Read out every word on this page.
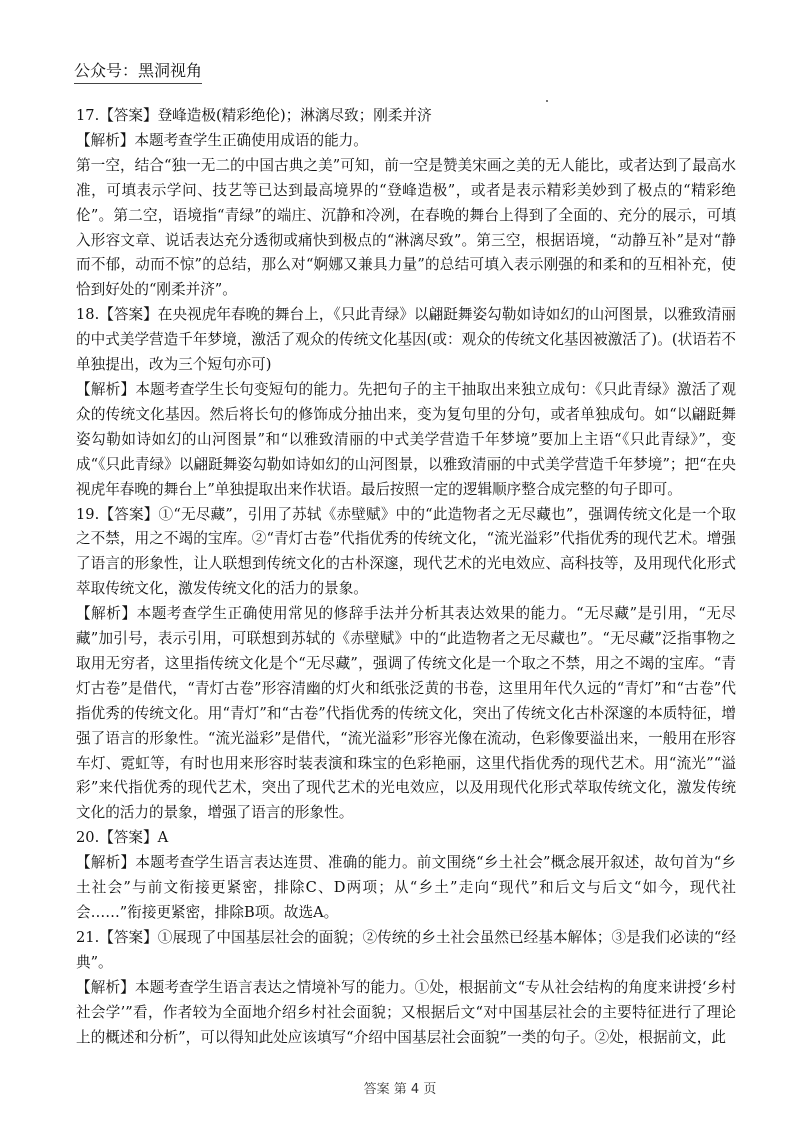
公众号：黑洞视角

17.【答案】登峰造极(精彩绝伦)；淋漓尽致；刚柔并济

【解析】本题考查学生正确使用成语的能力。

第一空，结合“独一无二的中国古典之美”可知，前一空是赞美宋画之美的无人能比，或者达到了最高水准，可填表示学问、技艺等已达到最高境界的“登峰造极”，或者是表示精彩美妙到了极点的“精彩绝伦”。第二空，语境指“青绿”的端庄、沉静和冷冽，在春晚的舞台上得到了全面的、充分的展示，可填入形容文章、说话表达充分透彻或痛快到极点的“淋漓尽致”。第三空，根据语境，“动静互补”是对“静而不郁，动而不惊”的总结，那么对“婀娜又兼具力量”的总结可填入表示刚强的和柔和的互相补充，使恰到好处的“刚柔并济”。

18.【答案】在央视虎年春晚的舞台上，《只此青绿》以翩跹舞姿勾勒如诗如幻的山河图景，以雅致清丽的中式美学营造千年梦境，激活了观众的传统文化基因(或：观众的传统文化基因被激活了)。(状语若不单独提出，改为三个短句亦可)

【解析】本题考查学生长句变短句的能力。先把句子的主干抽取出来独立成句：《只此青绿》激活了观众的传统文化基因。然后将长句的修饰成分抽出来，变为复句里的分句，或者单独成句。如“以翩跹舞姿勾勒如诗如幻的山河图景”和“以雅致清丽的中式美学营造千年梦境”要加上主语“《只此青绿》”，变成“《只此青绿》以翩跹舞姿勾勒如诗如幻的山河图景，以雅致清丽的中式美学营造千年梦境”；把“在央视虎年春晚的舞台上”单独提取出来作状语。最后按照一定的逻辑顺序整合成完整的句子即可。

19.【答案】①“无尽藏”，引用了苏轼《赤壁赋》中的“此造物者之无尽藏也”，强调传统文化是一个取之不禁，用之不竭的宝库。②“青灯古卷”代指优秀的传统文化，“流光溢彩”代指优秀的现代艺术。增强了语言的形象性，让人联想到传统文化的古朴深邃，现代艺术的光电效应、高科技等，及用现代化形式萃取传统文化，激发传统文化的活力的景象。

【解析】本题考查学生正确使用常见的修辞手法并分析其表达效果的能力。“无尽藏”是引用，“无尽藏”加引号，表示引用，可联想到苏轼的《赤壁赋》中的“此造物者之无尽藏也”。“无尽藏”泛指事物之取用无穷者，这里指传统文化是个“无尽藏”，强调了传统文化是一个取之不禁，用之不竭的宝库。“青灯古卷”是借代，“青灯古卷”形容清幽的灯火和纸张泛黄的书卷，这里用年代久远的“青灯”和“古卷”代指优秀的传统文化。用“青灯”和“古卷”代指优秀的传统文化，突出了传统文化古朴深邃的本质特征，增强了语言的形象性。“流光溢彩”是借代，“流光溢彩”形容光像在流动，色彩像要溢出来，一般用在形容车灯、霓虹等，有时也用来形容时装表演和珠宝的色彩艳丽，这里代指优秀的现代艺术。用“流光”“溢彩”来代指优秀的现代艺术，突出了现代艺术的光电效应，以及用现代化形式萃取传统文化，激发传统文化的活力的景象，增强了语言的形象性。

20.【答案】A

【解析】本题考查学生语言表达连贯、准确的能力。前文围绕“乡土社会”概念展开叙述，故句首为“乡土社会”与前文衔接更紧密，排除C、D两项；从“乡土”走向“现代”和后文与后文“如今，现代社会……”衔接更紧密，排除B项。故选A。

21.【答案】①展现了中国基层社会的面貌；②传统的乡土社会虽然已经基本解体；③是我们必读的“经典”。

【解析】本题考查学生语言表达之情境补写的能力。①处，根据前文“专从社会结构的角度来讲授‘乡村社会学’”看，作者较为全面地介绍乡村社会面貌；又根据后文“对中国基层社会的主要特征进行了理论上的概述和分析”，可以得知此处应该填写“介绍中国基层社会面貌”一类的句子。②处，根据前文，此

答案 第 4 页
